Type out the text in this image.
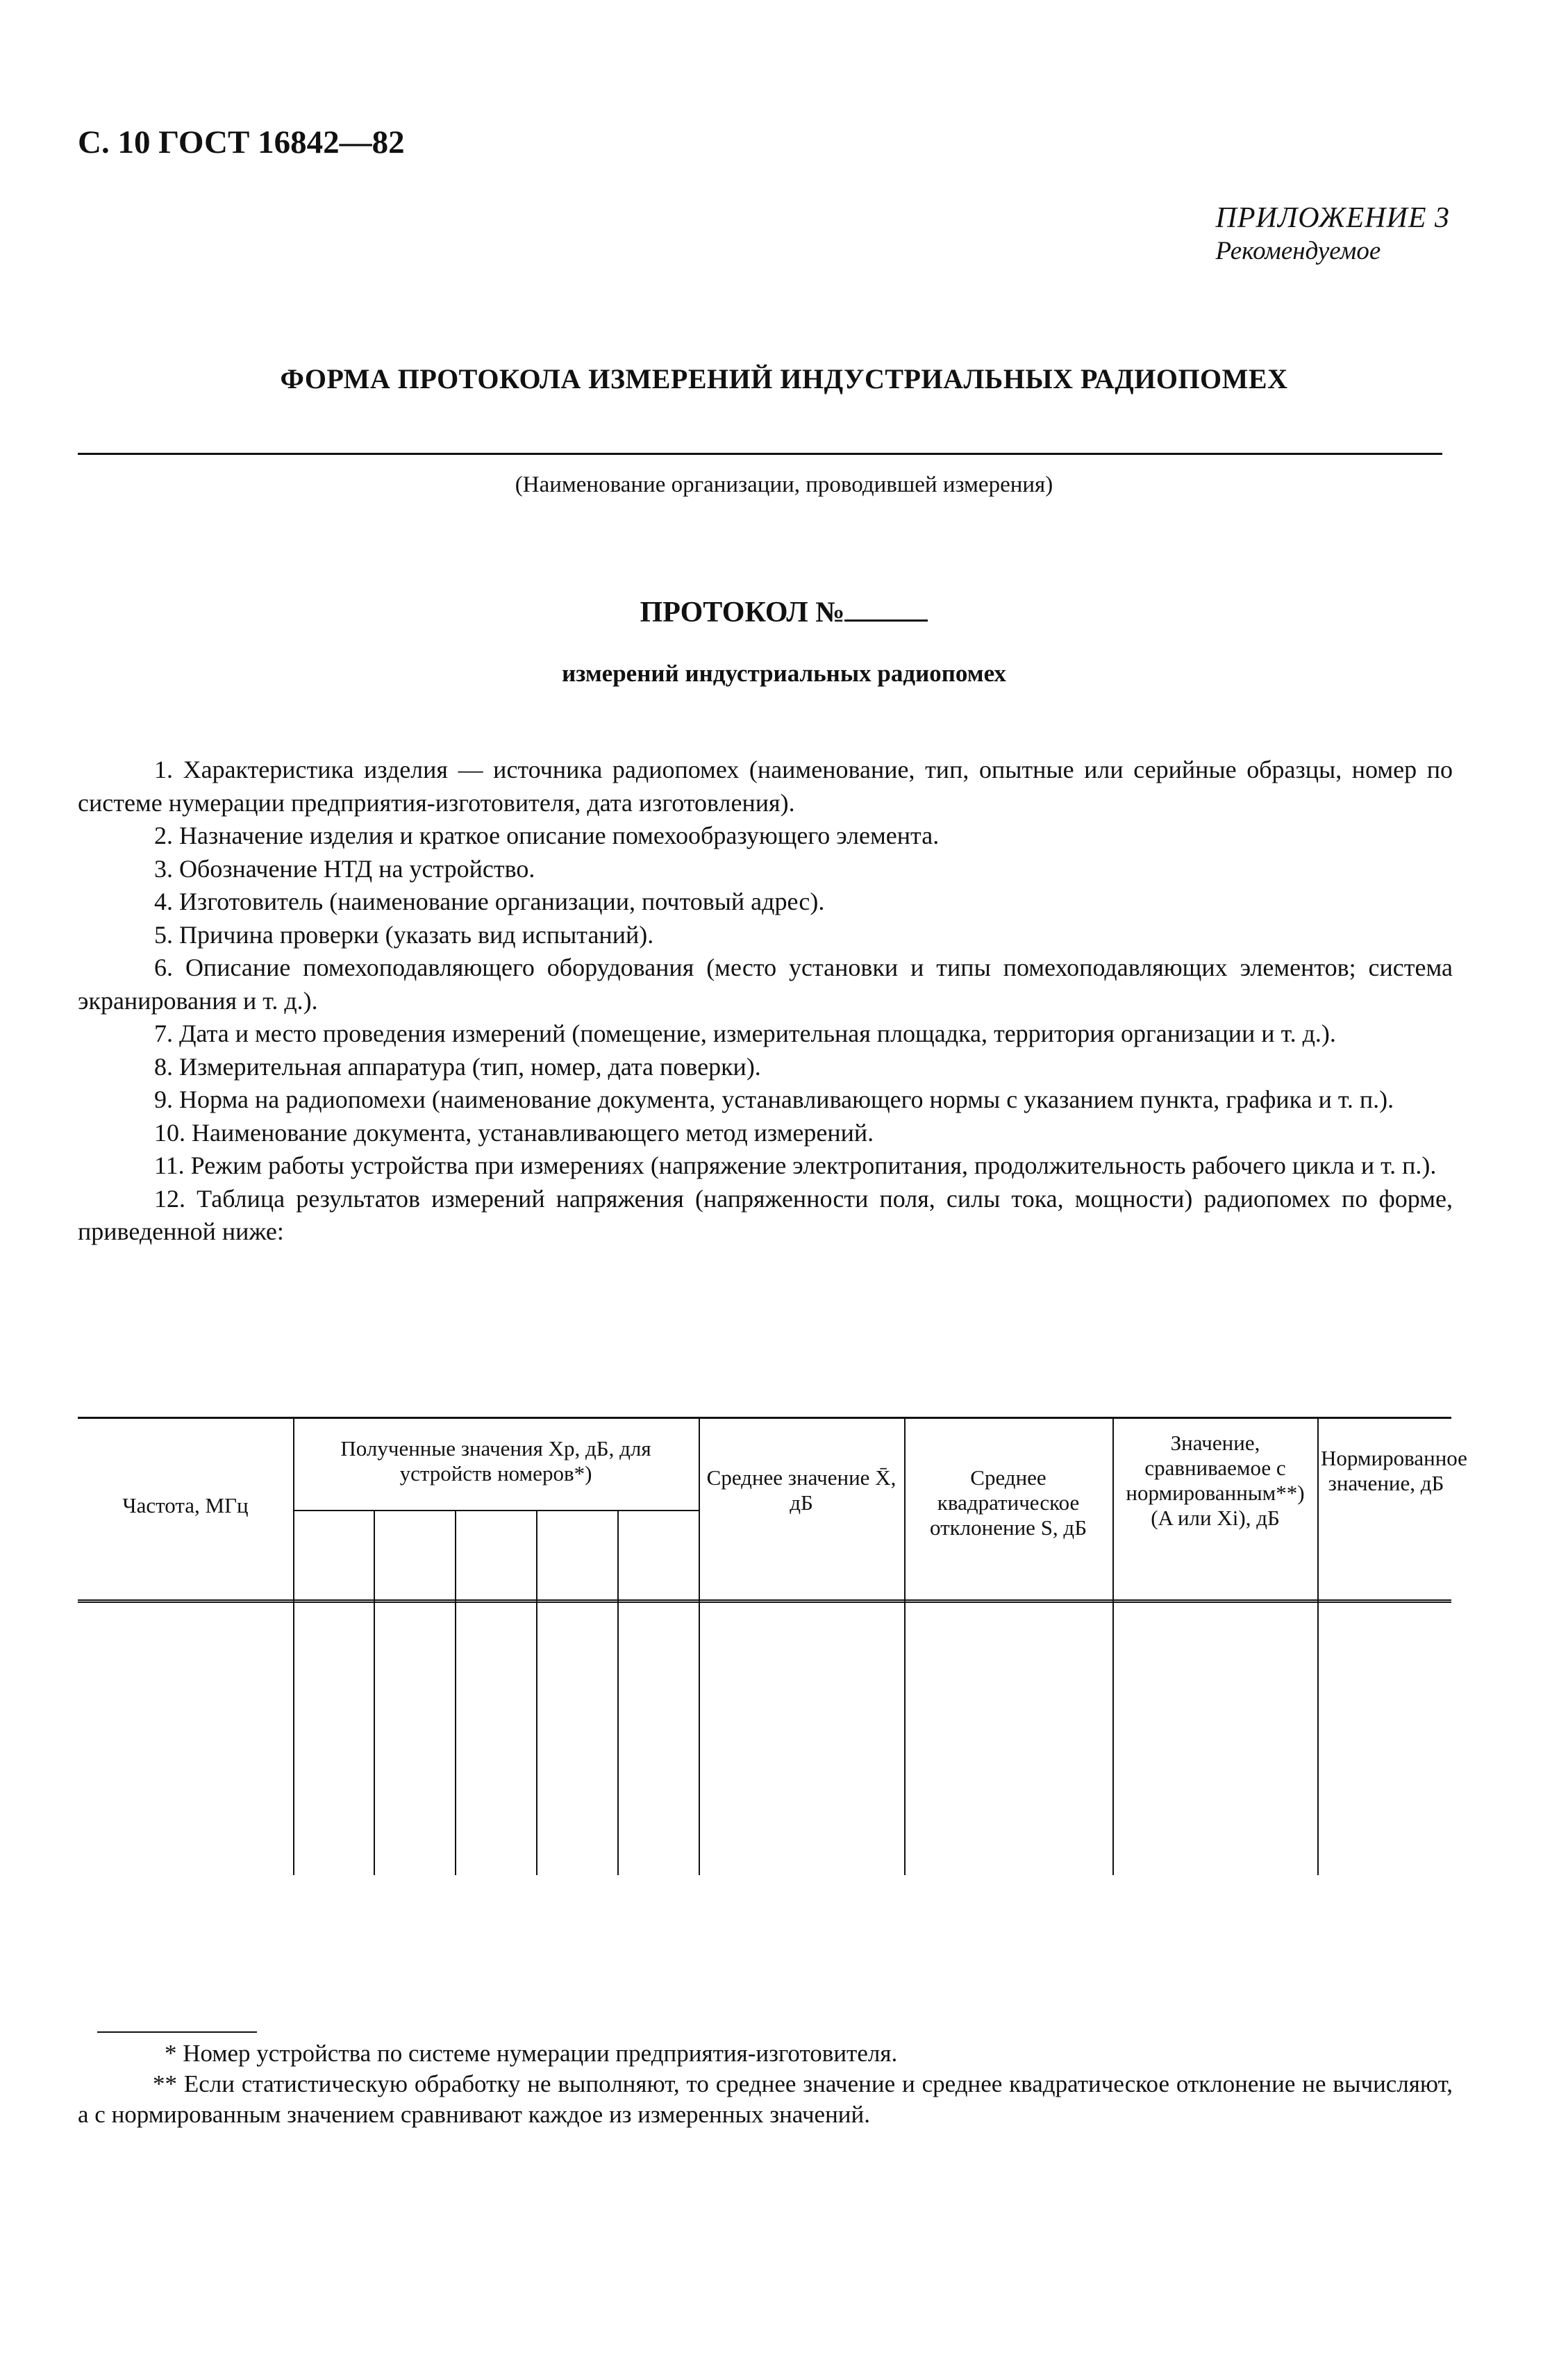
С. 10 ГОСТ 16842—82
ПРИЛОЖЕНИЕ 3
Рекомендуемое
ФОРМА ПРОТОКОЛА ИЗМЕРЕНИЙ ИНДУСТРИАЛЬНЫХ РАДИОПОМЕХ
(Наименование организации, проводившей измерения)
ПРОТОКОЛ №
измерений индустриальных радиопомех

1. Характеристика изделия — источника радиопомех (наименование, тип, опытные или серийные образцы, номер по системе нумерации предприятия-изготовителя, дата изготовления).

2. Назначение изделия и краткое описание помехообразующего элемента.

3. Обозначение НТД на устройство.

4. Изготовитель (наименование организации, почтовый адрес).

5. Причина проверки (указать вид испытаний).

6. Описание помехоподавляющего оборудования (место установки и типы помехоподавляющих элементов; система экранирования и т. д.).

7. Дата и место проведения измерений (помещение, измерительная площадка, территория организации и т. д.).

8. Измерительная аппаратура (тип, номер, дата поверки).

9. Норма на радиопомехи (наименование документа, устанавливающего нормы с указанием пункта, графика и т. п.).

10. Наименование документа, устанавливающего метод измерений.

11. Режим работы устройства при измерениях (напряжение электропитания, продолжительность рабочего цикла и т. п.).

12. Таблица результатов измерений напряжения (напряженности поля, силы тока, мощности) радиопомех по форме, приведенной ниже:

Частота, МГц
Полученные значения Xр, дБ, для устройств номеров*)	Среднее значение X̄, дБ
Среднее квадратическое отклонение S, дБ
Значение, сравниваемое с нормированным**) (A или Xi), дБ
Нормированное значение, дБ

* Номер устройства по системе нумерации предприятия-изготовителя.

** Если статистическую обработку не выполняют, то среднее значение и среднее квадратическое отклонение не вычисляют, а с нормированным значением сравнивают каждое из измеренных значений.
